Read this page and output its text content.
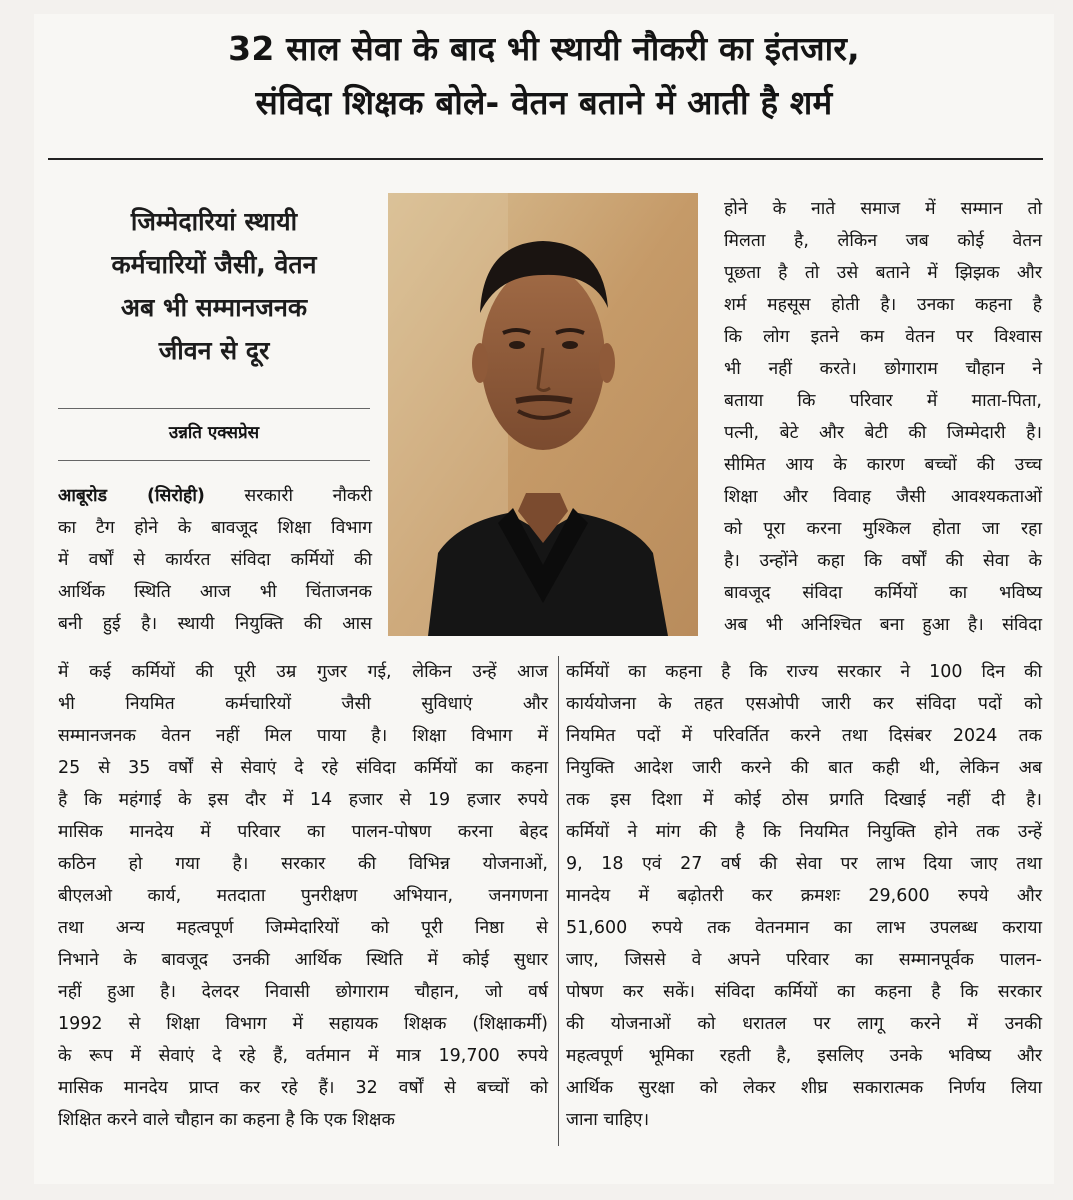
32 साल सेवा के बाद भी स्थायी नौकरी का इंतजार,
संविदा शिक्षक बोले- वेतन बताने में आती है शर्म
जिम्मेदारियां स्थायी
कर्मचारियों जैसी, वेतन
अब भी सम्मानजनक
जीवन से दूर
उन्नति एक्सप्रेस
आबूरोड (सिरोही) सरकारी नौकरी
का टैग होने के बावजूद शिक्षा विभाग
में वर्षों से कार्यरत संविदा कर्मियों की
आर्थिक स्थिति आज भी चिंताजनक
बनी हुई है। स्थायी नियुक्ति की आस
में कई कर्मियों की पूरी उम्र गुजर गई, लेकिन उन्हें आज
भी नियमित कर्मचारियों जैसी सुविधाएं और
सम्मानजनक वेतन नहीं मिल पाया है। शिक्षा विभाग में
25 से 35 वर्षों से सेवाएं दे रहे संविदा कर्मियों का कहना
है कि महंगाई के इस दौर में 14 हजार से 19 हजार रुपये
मासिक मानदेय में परिवार का पालन-पोषण करना बेहद
कठिन हो गया है। सरकार की विभिन्न योजनाओं,
बीएलओ कार्य, मतदाता पुनरीक्षण अभियान, जनगणना
तथा अन्य महत्वपूर्ण जिम्मेदारियों को पूरी निष्ठा से
निभाने के बावजूद उनकी आर्थिक स्थिति में कोई सुधार
नहीं हुआ है। देलदर निवासी छोगाराम चौहान, जो वर्ष
1992 से शिक्षा विभाग में सहायक शिक्षक (शिक्षाकर्मी)
के रूप में सेवाएं दे रहे हैं, वर्तमान में मात्र 19,700 रुपये
मासिक मानदेय प्राप्त कर रहे हैं। 32 वर्षों से बच्चों को
शिक्षित करने वाले चौहान का कहना है कि एक शिक्षक
होने के नाते समाज में सम्मान तो
मिलता है, लेकिन जब कोई वेतन
पूछता है तो उसे बताने में झिझक और
शर्म महसूस होती है। उनका कहना है
कि लोग इतने कम वेतन पर विश्वास
भी नहीं करते। छोगाराम चौहान ने
बताया कि परिवार में माता-पिता,
पत्नी, बेटे और बेटी की जिम्मेदारी है।
सीमित आय के कारण बच्चों की उच्च
शिक्षा और विवाह जैसी आवश्यकताओं
को पूरा करना मुश्किल होता जा रहा
है। उन्होंने कहा कि वर्षों की सेवा के
बावजूद संविदा कर्मियों का भविष्य
अब भी अनिश्चित बना हुआ है। संविदा
कर्मियों का कहना है कि राज्य सरकार ने 100 दिन की
कार्ययोजना के तहत एसओपी जारी कर संविदा पदों को
नियमित पदों में परिवर्तित करने तथा दिसंबर 2024 तक
नियुक्ति आदेश जारी करने की बात कही थी, लेकिन अब
तक इस दिशा में कोई ठोस प्रगति दिखाई नहीं दी है।
कर्मियों ने मांग की है कि नियमित नियुक्ति होने तक उन्हें
9, 18 एवं 27 वर्ष की सेवा पर लाभ दिया जाए तथा
मानदेय में बढ़ोतरी कर क्रमशः 29,600 रुपये और
51,600 रुपये तक वेतनमान का लाभ उपलब्ध कराया
जाए, जिससे वे अपने परिवार का सम्मानपूर्वक पालन-
पोषण कर सकें। संविदा कर्मियों का कहना है कि सरकार
की योजनाओं को धरातल पर लागू करने में उनकी
महत्वपूर्ण भूमिका रहती है, इसलिए उनके भविष्य और
आर्थिक सुरक्षा को लेकर शीघ्र सकारात्मक निर्णय लिया
जाना चाहिए।
